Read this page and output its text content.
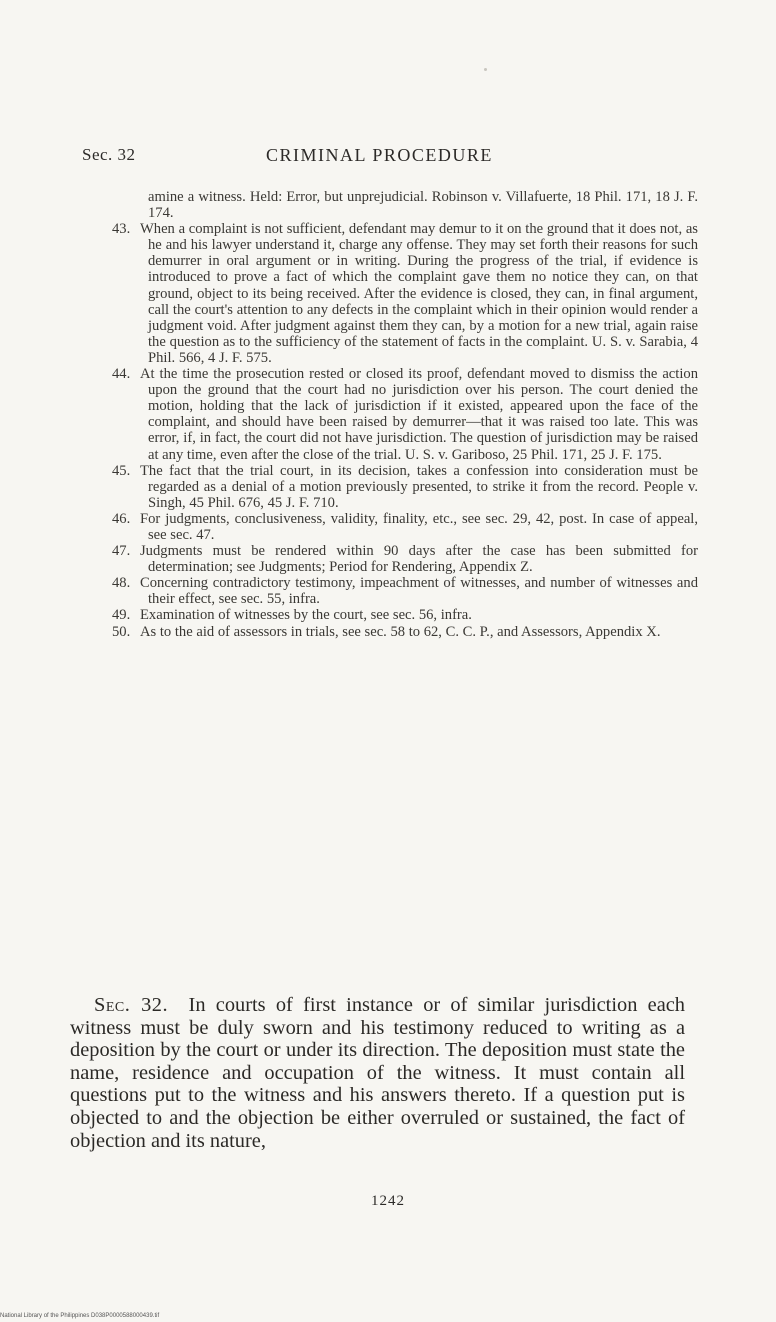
Sec. 32	CRIMINAL PROCEDURE
amine a witness. Held: Error, but unprejudicial. Robinson v. Villafuerte, 18 Phil. 171, 18 J. F. 174.
43. When a complaint is not sufficient, defendant may demur to it on the ground that it does not, as he and his lawyer understand it, charge any offense. They may set forth their reasons for such demurrer in oral argument or in writing. During the progress of the trial, if evidence is introduced to prove a fact of which the complaint gave them no notice they can, on that ground, object to its being received. After the evidence is closed, they can, in final argument, call the court's attention to any defects in the complaint which in their opinion would render a judgment void. After judgment against them they can, by a motion for a new trial, again raise the question as to the sufficiency of the statement of facts in the complaint. U. S. v. Sarabia, 4 Phil. 566, 4 J. F. 575.
44. At the time the prosecution rested or closed its proof, defendant moved to dismiss the action upon the ground that the court had no jurisdiction over his person. The court denied the motion, holding that the lack of jurisdiction if it existed, appeared upon the face of the complaint, and should have been raised by demurrer—that it was raised too late. This was error, if, in fact, the court did not have jurisdiction. The question of jurisdiction may be raised at any time, even after the close of the trial. U. S. v. Gariboso, 25 Phil. 171, 25 J. F. 175.
45. The fact that the trial court, in its decision, takes a confession into consideration must be regarded as a denial of a motion previously presented, to strike it from the record. People v. Singh, 45 Phil. 676, 45 J. F. 710.
46. For judgments, conclusiveness, validity, finality, etc., see sec. 29, 42, post. In case of appeal, see sec. 47.
47. Judgments must be rendered within 90 days after the case has been submitted for determination; see Judgments; Period for Rendering, Appendix Z.
48. Concerning contradictory testimony, impeachment of witnesses, and number of witnesses and their effect, see sec. 55, infra.
49. Examination of witnesses by the court, see sec. 56, infra.
50. As to the aid of assessors in trials, see sec. 58 to 62, C. C. P., and Assessors, Appendix X.
Sec. 32. In courts of first instance or of similar jurisdiction each witness must be duly sworn and his testimony reduced to writing as a deposition by the court or under its direction. The deposition must state the name, residence and occupation of the witness. It must contain all questions put to the witness and his answers thereto. If a question put is objected to and the objection be either overruled or sustained, the fact of objection and its nature,
1242
National Library of the Philippines D038P0000588000439.tif
